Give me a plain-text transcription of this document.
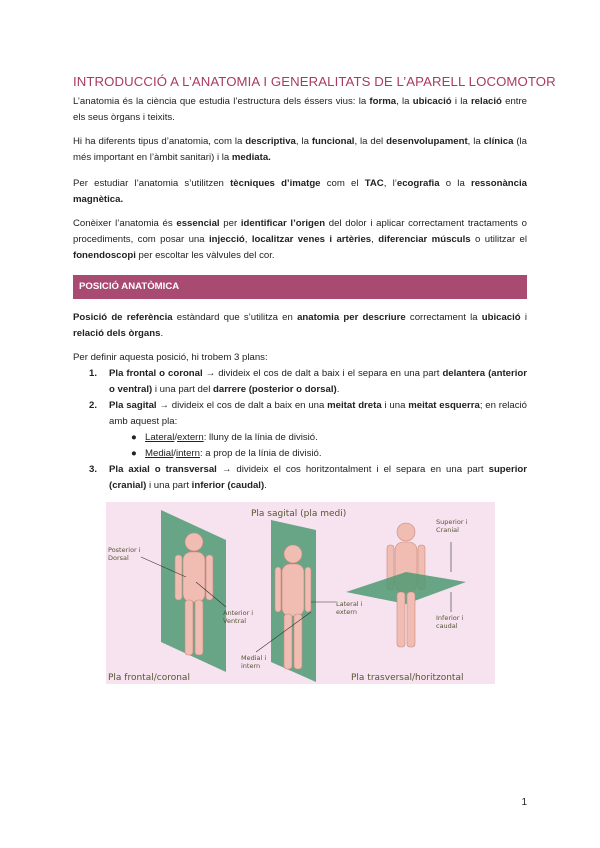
INTRODUCCIÓ A L’ANATOMIA I GENERALITATS DE L’APARELL LOCOMOTOR
L’anatomia és la ciència que estudia l’estructura dels éssers vius: la forma, la ubicació i la relació entre els seus òrgans i teixits.
Hi ha diferents tipus d’anatomia, com la descriptiva, la funcional, la del desenvolupament, la clínica (la més important en l’àmbit sanitari) i la mediata.
Per estudiar l’anatomia s’utilitzen tècniques d’imatge com el TAC, l’ecografia o la ressonància magnètica.
Conèixer l’anatomia és essencial per identificar l’origen del dolor i aplicar correctament tractaments o procediments, com posar una injecció, localitzar venes i artèries, diferenciar músculs o utilitzar el fonendoscopi per escoltar les vàlvules del cor.
POSICIÓ ANATÒMICA
Posició de referència estàndard que s’utilitza en anatomia per descriure correctament la ubicació i relació dels òrgans.
Per definir aquesta posició, hi trobem 3 plans:
1. Pla frontal o coronal → divideix el cos de dalt a baix i el separa en una part delantera (anterior o ventral) i una part del darrere (posterior o dorsal).
2. Pla sagital → divideix el cos de dalt a baix en una meitat dreta i una meitat esquerra; en relació amb aquest pla:
● Lateral/extern: lluny de la línia de divisió.
● Medial/intern: a prop de la línia de divisió.
3. Pla axial o transversal → divideix el cos horitzontalment i el separa en una part superior (cranial) i una part inferior (caudal).
Pla sagital (pla medi)
Pla frontal/coronal	Pla trasversal/horitzontal
Posterior i
Dorsal
Anterior i
Ventral
Lateral i
extern
Medial i
intern
Superior i
Cranial
Inferior i
caudal
1
